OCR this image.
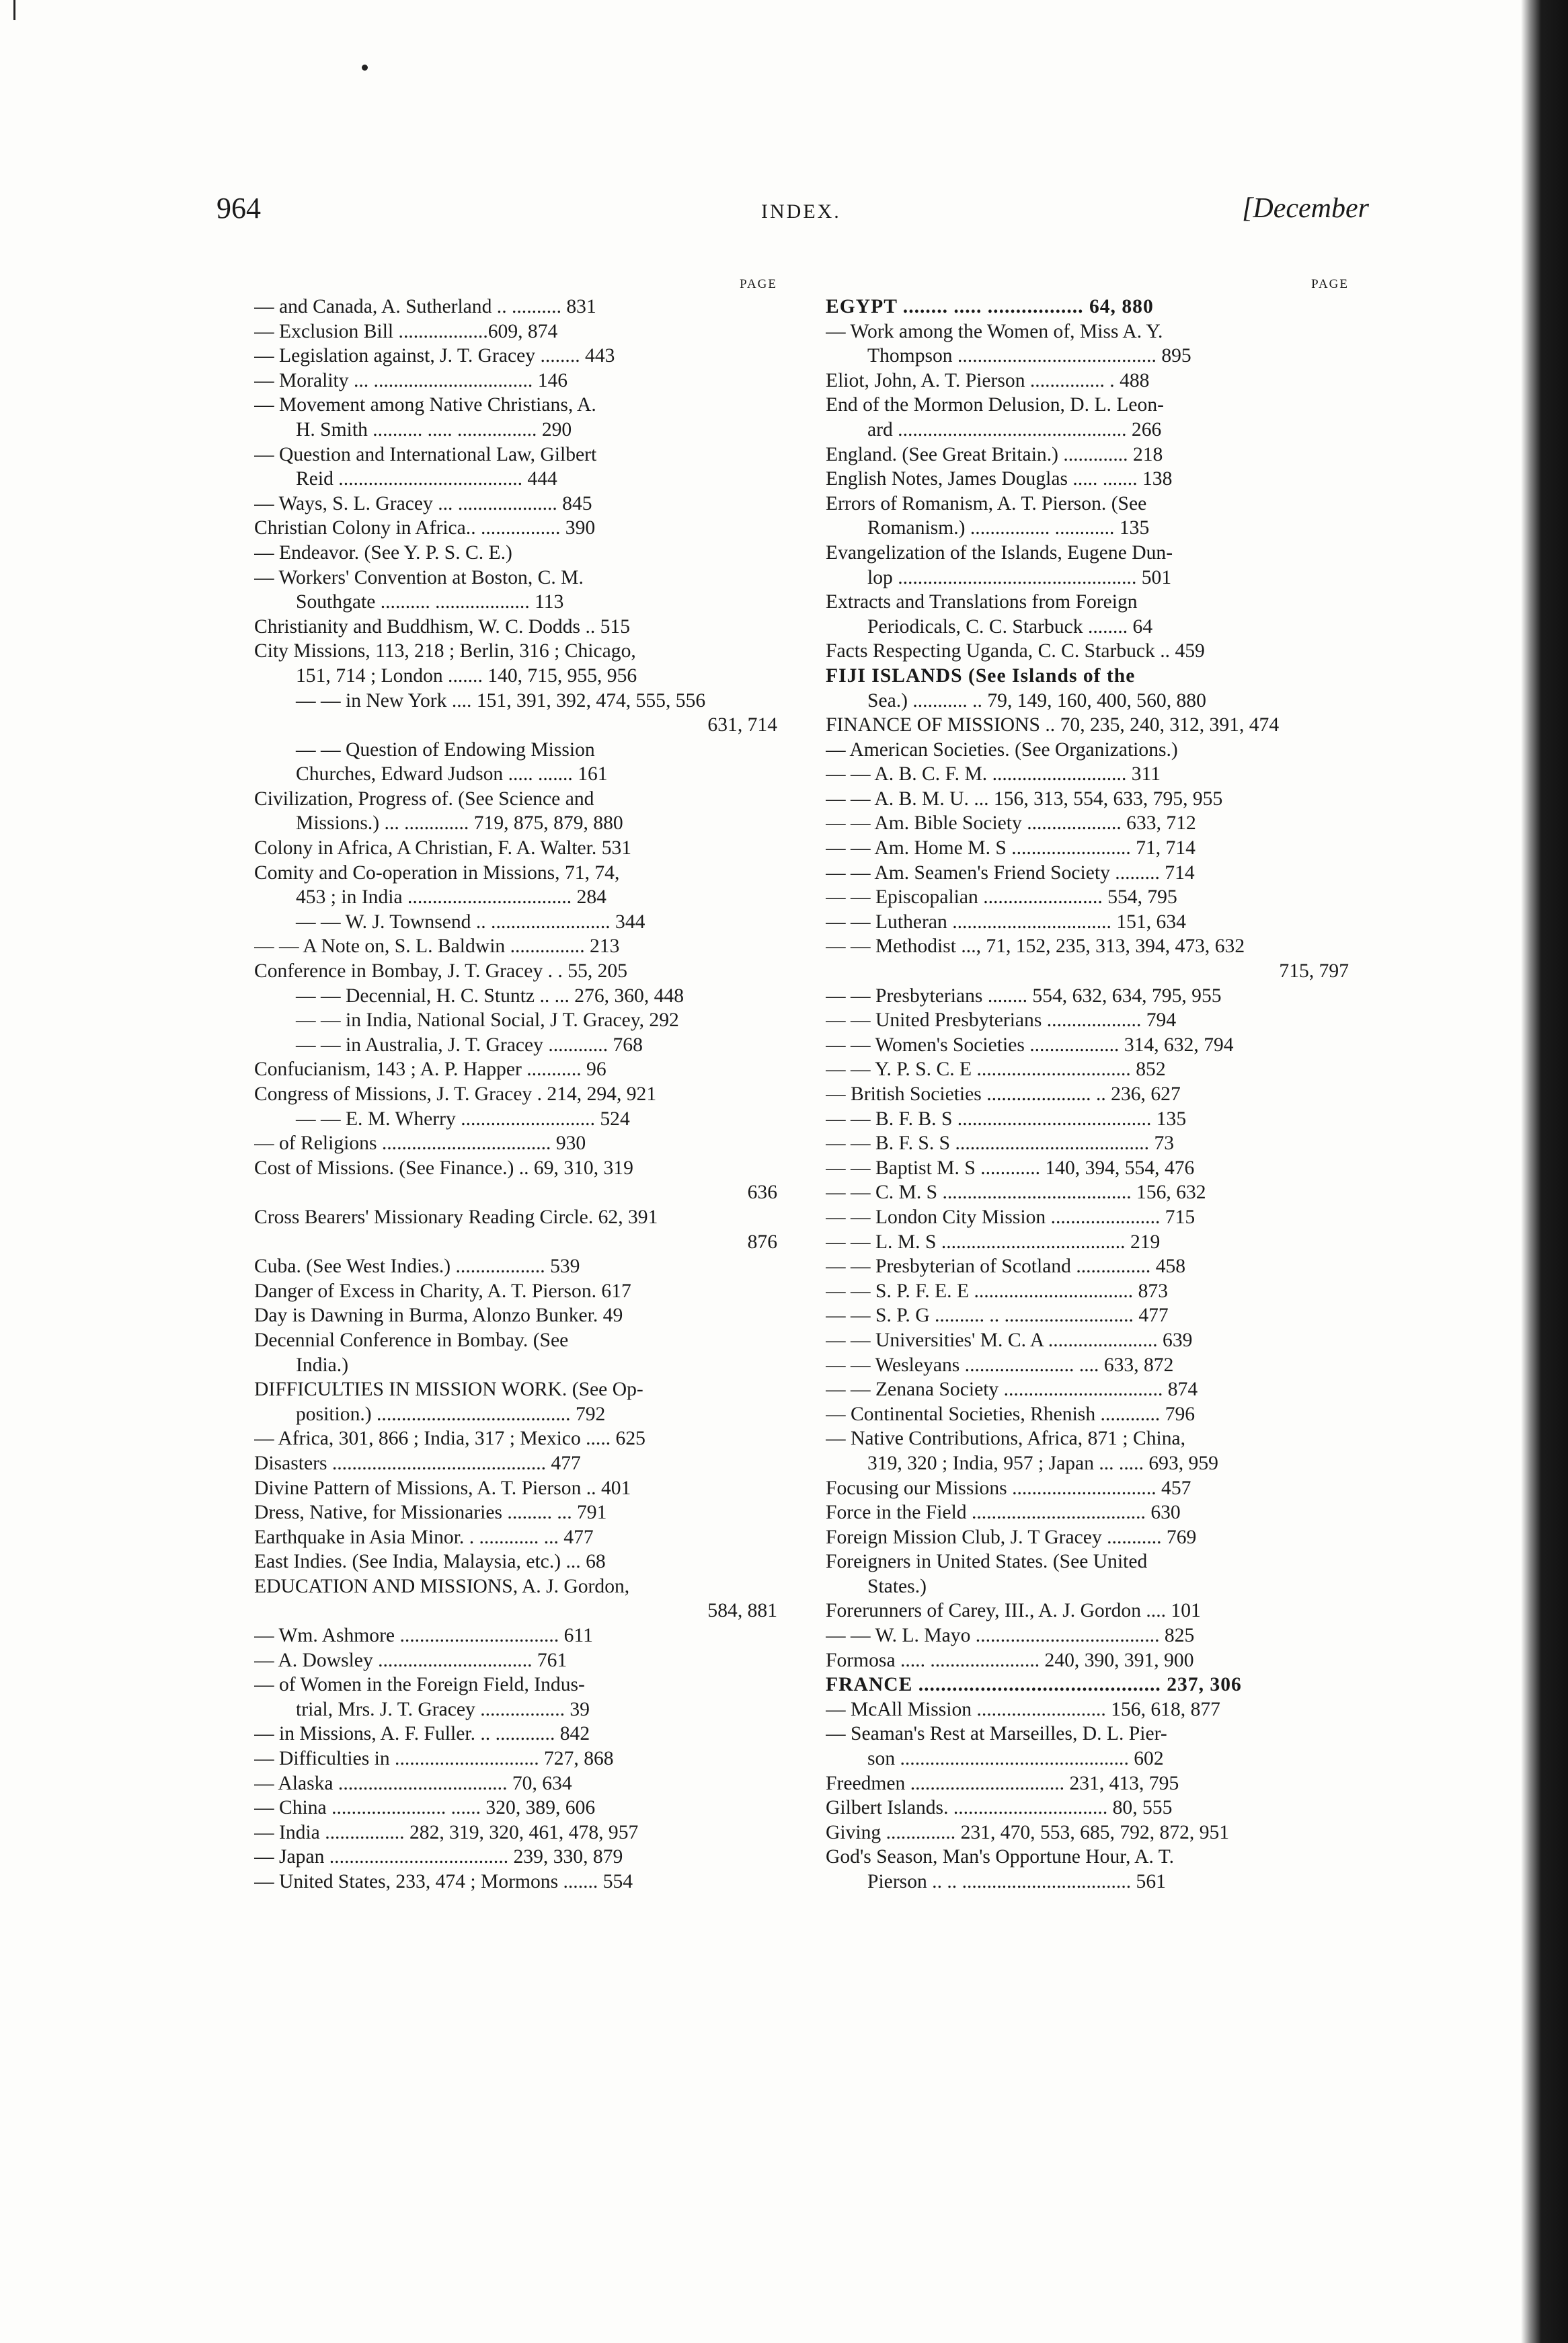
964	INDEX.	[December
PAGE
— and Canada, A. Sutherland .. .......... 831
— Exclusion Bill ..................609, 874
— Legislation against, J. T. Gracey ........ 443
— Morality ... ................................ 146
— Movement among Native Christians, A.
H. Smith .......... ..... ................ 290
— Question and International Law, Gilbert
Reid ..................................... 444
— Ways, S. L. Gracey ... .................... 845
Christian Colony in Africa.. ................ 390
— Endeavor. (See Y. P. S. C. E.)
— Workers' Convention at Boston, C. M.
Southgate .......... ................... 113
Christianity and Buddhism, W. C. Dodds .. 515
City Missions, 113, 218 ; Berlin, 316 ; Chicago,
151, 714 ; London ....... 140, 715, 955, 956
— — in New York .... 151, 391, 392, 474, 555, 556
631, 714
— — Question of Endowing Mission
Churches, Edward Judson ..... ....... 161
Civilization, Progress of. (See Science and
Missions.) ... ............. 719, 875, 879, 880
Colony in Africa, A Christian, F. A. Walter. 531
Comity and Co-operation in Missions, 71, 74,
453 ; in India ................................. 284
— — W. J. Townsend .. ........................ 344
— — A Note on, S. L. Baldwin ............... 213
Conference in Bombay, J. T. Gracey . . 55, 205
— — Decennial, H. C. Stuntz .. ... 276, 360, 448
— — in India, National Social, J T. Gracey, 292
— — in Australia, J. T. Gracey ............ 768
Confucianism, 143 ; A. P. Happer ........... 96
Congress of Missions, J. T. Gracey . 214, 294, 921
— — E. M. Wherry ........................... 524
— of Religions .................................. 930
Cost of Missions. (See Finance.) .. 69, 310, 319
636
Cross Bearers' Missionary Reading Circle. 62, 391
876
Cuba. (See West Indies.) .................. 539
Danger of Excess in Charity, A. T. Pierson. 617
Day is Dawning in Burma, Alonzo Bunker. 49
Decennial Conference in Bombay. (See
India.)
DIFFICULTIES IN MISSION WORK. (See Op-
position.) ....................................... 792
— Africa, 301, 866 ; India, 317 ; Mexico ..... 625
Disasters ........................................... 477
Divine Pattern of Missions, A. T. Pierson .. 401
Dress, Native, for Missionaries ......... ... 791
Earthquake in Asia Minor. . ............ ... 477
East Indies. (See India, Malaysia, etc.) ... 68
EDUCATION AND MISSIONS, A. J. Gordon,
584, 881
— Wm. Ashmore ................................ 611
— A. Dowsley ............................... 761
— of Women in the Foreign Field, Indus-
trial, Mrs. J. T. Gracey ................. 39
— in Missions, A. F. Fuller. .. ............ 842
— Difficulties in ............................. 727, 868
— Alaska .................................. 70, 634
— China ....................... ...... 320, 389, 606
— India ................ 282, 319, 320, 461, 478, 957
— Japan .................................... 239, 330, 879
— United States, 233, 474 ; Mormons ....... 554
PAGE
EGYPT ........ ..... ................. 64, 880
— Work among the Women of, Miss A. Y.
Thompson ........................................ 895
Eliot, John, A. T. Pierson ............... . 488
End of the Mormon Delusion, D. L. Leon-
ard .............................................. 266
England. (See Great Britain.) ............. 218
English Notes, James Douglas ..... ....... 138
Errors of Romanism, A. T. Pierson. (See
Romanism.) ................ ............ 135
Evangelization of the Islands, Eugene Dun-
lop ................................................ 501
Extracts and Translations from Foreign
Periodicals, C. C. Starbuck ........ 64
Facts Respecting Uganda, C. C. Starbuck .. 459
FIJI ISLANDS (See Islands of the
Sea.) ........... .. 79, 149, 160, 400, 560, 880
FINANCE OF MISSIONS .. 70, 235, 240, 312, 391, 474
— American Societies. (See Organizations.)
— — A. B. C. F. M. ........................... 311
— — A. B. M. U. ... 156, 313, 554, 633, 795, 955
— — Am. Bible Society ................... 633, 712
— — Am. Home M. S ........................ 71, 714
— — Am. Seamen's Friend Society ......... 714
— — Episcopalian ........................ 554, 795
— — Lutheran ................................ 151, 634
— — Methodist ..., 71, 152, 235, 313, 394, 473, 632
715, 797
— — Presbyterians ........ 554, 632, 634, 795, 955
— — United Presbyterians ................... 794
— — Women's Societies .................. 314, 632, 794
— — Y. P. S. C. E ............................... 852
— British Societies ..................... .. 236, 627
— — B. F. B. S ....................................... 135
— — B. F. S. S ....................................... 73
— — Baptist M. S ............ 140, 394, 554, 476
— — C. M. S ...................................... 156, 632
— — London City Mission ...................... 715
— — L. M. S ..................................... 219
— — Presbyterian of Scotland ............... 458
— — S. P. F. E. E ................................ 873
— — S. P. G .......... .. .......................... 477
— — Universities' M. C. A ...................... 639
— — Wesleyans ...................... .... 633, 872
— — Zenana Society ................................ 874
— Continental Societies, Rhenish ............ 796
— Native Contributions, Africa, 871 ; China,
319, 320 ; India, 957 ; Japan ... ..... 693, 959
Focusing our Missions ............................. 457
Force in the Field ................................... 630
Foreign Mission Club, J. T Gracey ........... 769
Foreigners in United States. (See United
States.)
Forerunners of Carey, III., A. J. Gordon .... 101
— — W. L. Mayo ..................................... 825
Formosa ..... ...................... 240, 390, 391, 900
FRANCE ........................................... 237, 306
— McAll Mission .......................... 156, 618, 877
— Seaman's Rest at Marseilles, D. L. Pier-
son .............................................. 602
Freedmen ............................... 231, 413, 795
Gilbert Islands. ............................... 80, 555
Giving .............. 231, 470, 553, 685, 792, 872, 951
God's Season, Man's Opportune Hour, A. T.
Pierson .. .. .................................. 561
